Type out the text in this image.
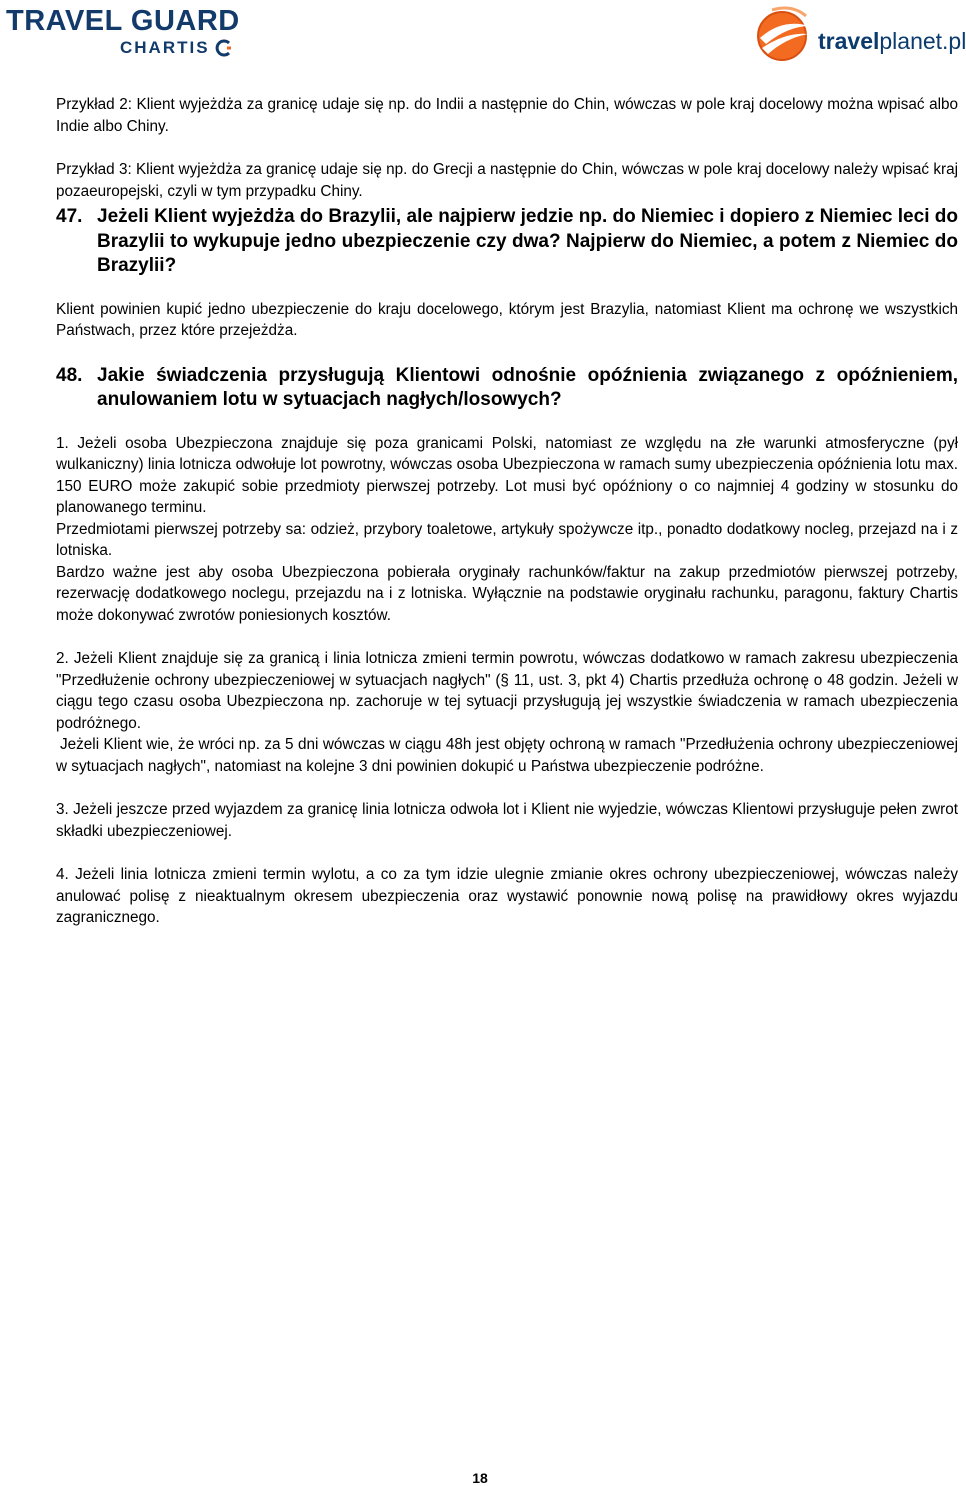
TRAVEL GUARD
CHARTIS	travelplanet.pl

Przykład 2: Klient wyjeżdża za granicę udaje się np. do Indii a następnie do Chin, wówczas w pole kraj docelowy można wpisać albo Indie albo Chiny.

Przykład 3: Klient wyjeżdża za granicę udaje się np. do Grecji a następnie do Chin, wówczas w pole kraj docelowy należy wpisać kraj pozaeuropejski, czyli w tym przypadku Chiny.

47. Jeżeli Klient wyjeżdża do Brazylii, ale najpierw jedzie np. do Niemiec i dopiero z Niemiec leci do Brazylii to wykupuje jedno ubezpieczenie czy dwa? Najpierw do Niemiec, a potem z Niemiec do Brazylii?

Klient powinien kupić jedno ubezpieczenie do kraju docelowego, którym jest Brazylia, natomiast Klient ma ochronę we wszystkich Państwach, przez które przejeżdża.

48. Jakie świadczenia przysługują Klientowi odnośnie opóźnienia związanego z opóźnieniem, anulowaniem lotu w sytuacjach nagłych/losowych?

1. Jeżeli osoba Ubezpieczona znajduje się poza granicami Polski, natomiast ze względu na złe warunki atmosferyczne (pył wulkaniczny) linia lotnicza odwołuje lot powrotny, wówczas osoba Ubezpieczona w ramach sumy ubezpieczenia opóźnienia lotu max. 150 EURO może zakupić sobie przedmioty pierwszej potrzeby. Lot musi być opóźniony o co najmniej 4 godziny w stosunku do planowanego terminu.

Przedmiotami pierwszej potrzeby sa: odzież, przybory toaletowe, artykuły spożywcze itp., ponadto dodatkowy nocleg, przejazd na i z lotniska.

Bardzo ważne jest aby osoba Ubezpieczona pobierała oryginały rachunków/faktur na zakup przedmiotów pierwszej potrzeby, rezerwację dodatkowego noclegu, przejazdu na i z lotniska. Wyłącznie na podstawie oryginału rachunku, paragonu, faktury Chartis może dokonywać zwrotów poniesionych kosztów.

2. Jeżeli Klient znajduje się za granicą i linia lotnicza zmieni termin powrotu, wówczas dodatkowo w ramach zakresu ubezpieczenia "Przedłużenie ochrony ubezpieczeniowej w sytuacjach nagłych" (§ 11, ust. 3, pkt 4) Chartis przedłuża ochronę o 48 godzin. Jeżeli w ciągu tego czasu osoba Ubezpieczona np. zachoruje w tej sytuacji przysługują jej wszystkie świadczenia w ramach ubezpieczenia podróżnego.

Jeżeli Klient wie, że wróci np. za 5 dni wówczas w ciągu 48h jest objęty ochroną w ramach "Przedłużenia ochrony ubezpieczeniowej w sytuacjach nagłych", natomiast na kolejne 3 dni powinien dokupić u Państwa ubezpieczenie podróżne.

3. Jeżeli jeszcze przed wyjazdem za granicę linia lotnicza odwoła lot i Klient nie wyjedzie, wówczas Klientowi przysługuje pełen zwrot składki ubezpieczeniowej.

4. Jeżeli linia lotnicza zmieni termin wylotu, a co za tym idzie ulegnie zmianie okres ochrony ubezpieczeniowej, wówczas należy anulować polisę z nieaktualnym okresem ubezpieczenia oraz wystawić ponownie nową polisę na prawidłowy okres wyjazdu zagranicznego.

18
